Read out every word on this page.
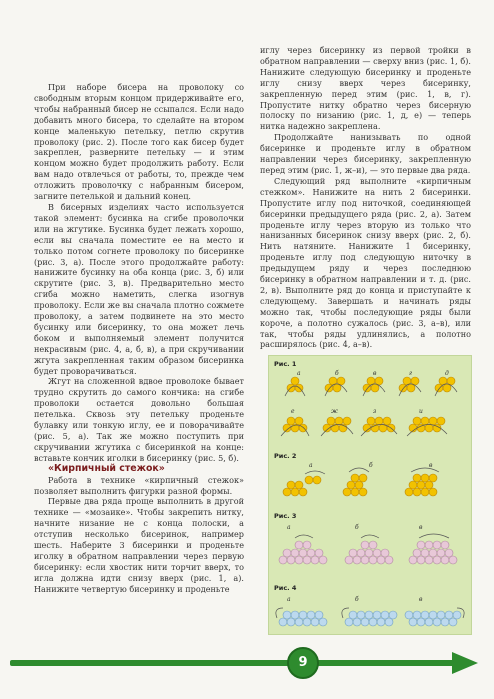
При наборе бисера на проволоку со свободным вторым концом придерживайте его, чтобы набранный бисер не ссыпался. Если надо добавить много бисера, то сделайте на втором конце маленькую петельку, петлю скрутив проволоку (рис. 2). После того как бисер будет закреплен, разверните петельку — и этим концом можно будет продолжить работу. Если вам надо отвлечься от работы, то, прежде чем отложить проволочку с набранным бисером, загните петелькой и дальний конец.

В бисерных изделиях часто используется такой элемент: бусинка на сгибе проволочки или на жгутике. Бусинка будет лежать хорошо, если вы сначала поместите ее на место и только потом согнете проволоку по бисеринке (рис. 3, а). После этого продолжайте работу: нанижите бусинку на оба конца (рис. 3, б) или скрутите (рис. 3, в). Предварительно место сгиба можно наметить, слегка изогнув проволоку. Если же вы сначала плотно сожмете проволоку, а затем подвинете на это место бусинку или бисеринку, то она может лечь боком и выполняемый элемент получится некрасивым (рис. 4, а, б, в), а при скручивании жгута закрепленная таким образом бисеринка будет проворачиваться.

Жгут на сложенной вдвое проволоке бывает трудно скрутить до самого кончика: на сгибе проволоки остается довольно большая петелька. Сквозь эту петельку проденьте булавку или тонкую иглу, ее и поворачивайте (рис. 5, а). Так же можно поступить при скручивании жгутика с бисеринкой на конце: вставьте кончик иголки в бисеринку (рис. 5, б).

«Кирпичный стежок»

Работа в технике «кирпичный стежок» позволяет выполнить фигурки разной формы.

Первые два ряда проще выполнить в другой технике — «мозаике». Чтобы закрепить нитку, начните низание не с конца полоски, а отступив несколько бисеринок, например шесть. Наберите 3 бисеринки и проденьте иголку в обратном направлении через первую бисеринку: если хвостик нити торчит вверх, то игла должна идти снизу вверх (рис. 1, а). Нанижите четвертую бисеринку и проденьте

иглу через бисеринку из первой тройки в обратном направлении — сверху вниз (рис. 1, б). Нанижите следующую бисеринку и проденьте иглу снизу вверх через бисеринку, закрепленную перед этим (рис. 1, в, г). Пропустите нитку обратно через бисерную полоску по низанию (рис. 1, д, е) — теперь нитка надежно закреплена.

Продолжайте нанизывать по одной бисеринке и проденьте иглу в обратном направлении через бисеринку, закрепленную перед этим (рис. 1, ж–и), — это первые два ряда.

Следующий ряд выполните «кирпичным стежком». Нанижите на нить 2 бисеринки. Пропустите иглу под ниточкой, соединяющей бисеринки предыдущего ряда (рис. 2, а). Затем проденьте иглу через вторую из только что нанизанных бисеринок снизу вверх (рис. 2, б). Нить натяните. Нанижите 1 бисеринку, проденьте иглу под следующую ниточку в предыдущем ряду и через последнюю бисеринку в обратном направлении и т. д. (рис. 2, в). Выполните ряд до конца и приступайте к следующему. Завершать и начинать ряды можно так, чтобы последующие ряды были короче, а полотно сужалось (рис. 3, а–в), или так, чтобы ряды удлинялись, а полотно расширялось (рис. 4, а–в).

Рис. 1
а	б	в	г	д
е	ж	з	и
Рис. 2
а	б	в
Рис. 3
а	б	в
Рис. 4
а	б	в
9
